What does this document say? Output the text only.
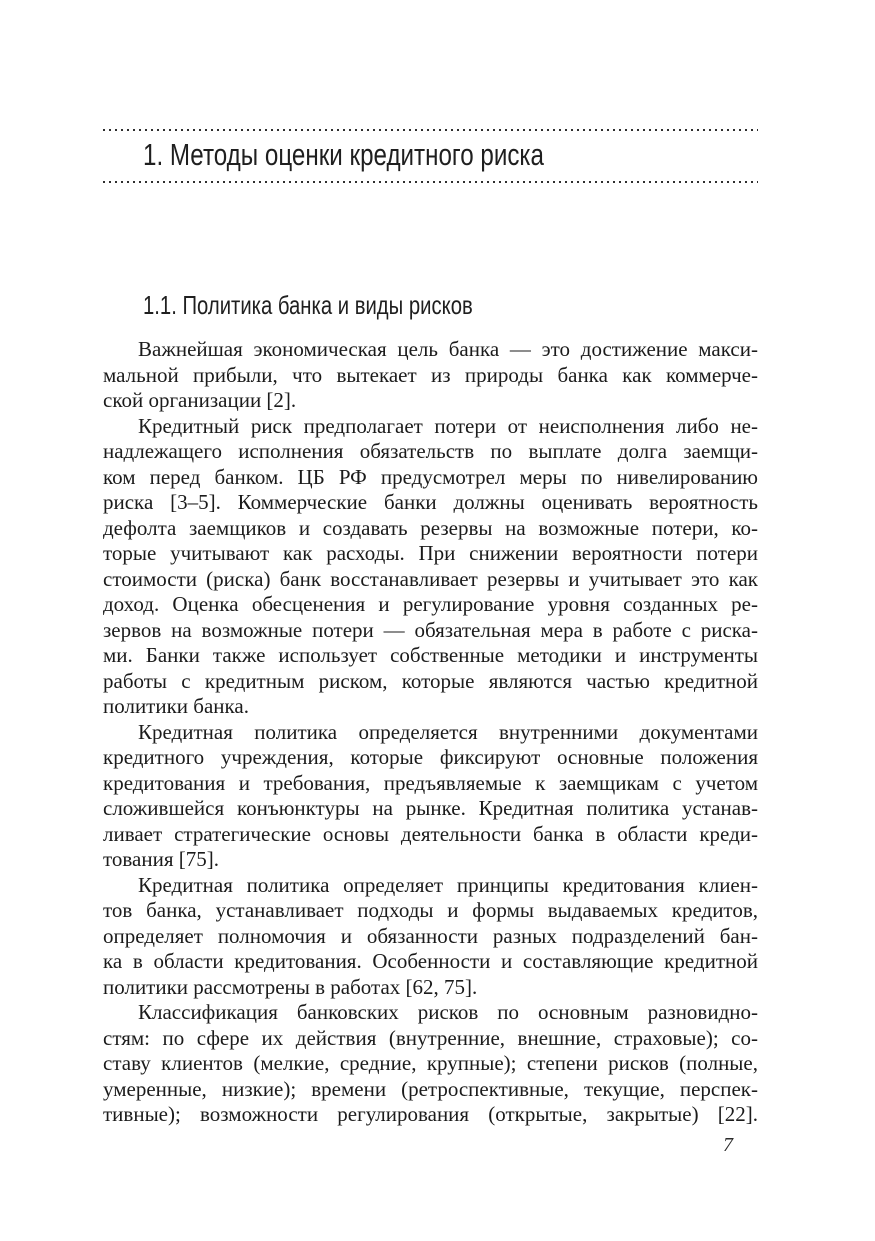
1. Методы оценки кредитного риска
1.1. Политика банка и виды рисков
Важнейшая экономическая цель банка — это достижение макси-
мальной прибыли, что вытекает из природы банка как коммерче-
ской организации [2].
Кредитный риск предполагает потери от неисполнения либо не-
надлежащего исполнения обязательств по выплате долга заемщи-
ком перед банком. ЦБ РФ предусмотрел меры по нивелированию
риска [3–5]. Коммерческие банки должны оценивать вероятность
дефолта заемщиков и создавать резервы на возможные потери, ко-
торые учитывают как расходы. При снижении вероятности потери
стоимости (риска) банк восстанавливает резервы и учитывает это как
доход. Оценка обесценения и регулирование уровня созданных ре-
зервов на возможные потери — обязательная мера в работе с риска-
ми. Банки также использует собственные методики и инструменты
работы с кредитным риском, которые являются частью кредитной
политики банка.
Кредитная политика определяется внутренними документами
кредитного учреждения, которые фиксируют основные положения
кредитования и требования, предъявляемые к заемщикам с учетом
сложившейся конъюнктуры на рынке. Кредитная политика устанав-
ливает стратегические основы деятельности банка в области креди-
тования [75].
Кредитная политика определяет принципы кредитования клиен-
тов банка, устанавливает подходы и формы выдаваемых кредитов,
определяет полномочия и обязанности разных подразделений бан-
ка в области кредитования. Особенности и составляющие кредитной
политики рассмотрены в работах [62, 75].
Классификация банковских рисков по основным разновидно-
стям: по сфере их действия (внутренние, внешние, страховые); со-
ставу клиентов (мелкие, средние, крупные); степени рисков (полные,
умеренные, низкие); времени (ретроспективные, текущие, перспек-
тивные); возможности регулирования (открытые, закрытые) [22].
7
